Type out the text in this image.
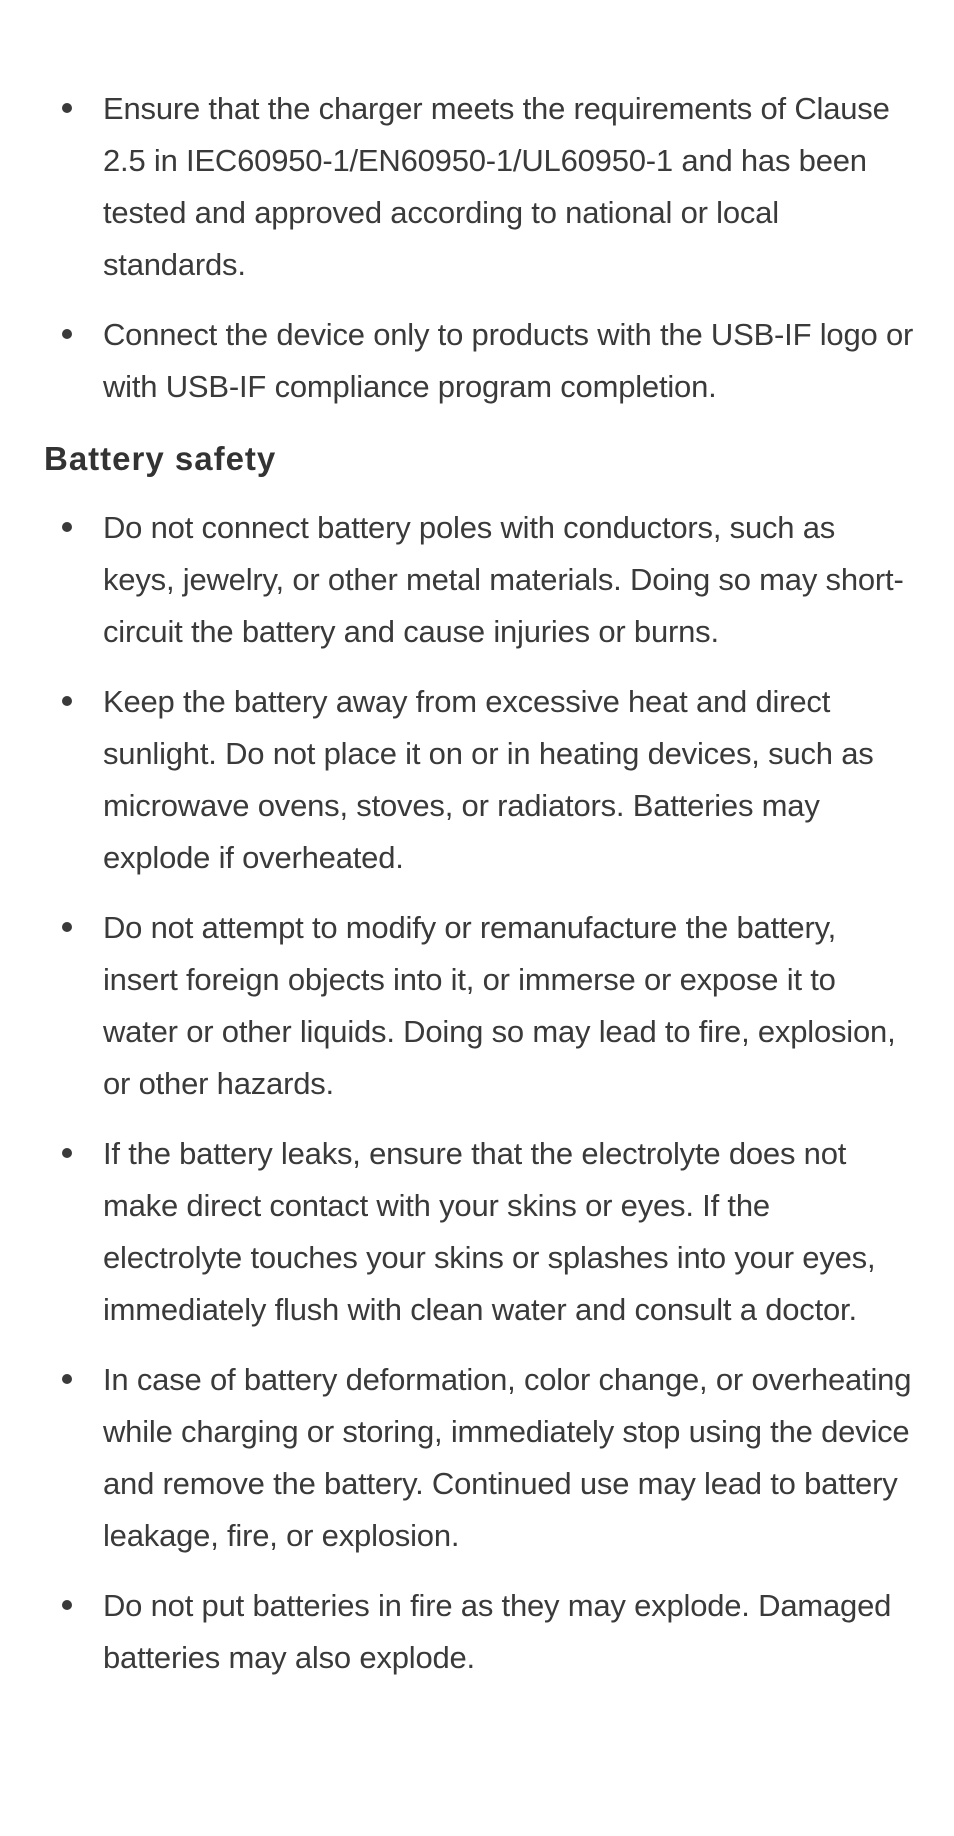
Ensure that the charger meets the requirements of Clause 2.5 in IEC60950-1/EN60950-1/UL60950-1 and has been tested and approved according to national or local standards.
Connect the device only to products with the USB-IF logo or with USB-IF compliance program completion.
Battery safety
Do not connect battery poles with conductors, such as keys, jewelry, or other metal materials. Doing so may short-circuit the battery and cause injuries or burns.
Keep the battery away from excessive heat and direct sunlight. Do not place it on or in heating devices, such as microwave ovens, stoves, or radiators. Batteries may explode if overheated.
Do not attempt to modify or remanufacture the battery, insert foreign objects into it, or immerse or expose it to water or other liquids. Doing so may lead to fire, explosion, or other hazards.
If the battery leaks, ensure that the electrolyte does not make direct contact with your skins or eyes. If the electrolyte touches your skins or splashes into your eyes, immediately flush with clean water and consult a doctor.
In case of battery deformation, color change, or overheating while charging or storing, immediately stop using the device and remove the battery. Continued use may lead to battery leakage, fire, or explosion.
Do not put batteries in fire as they may explode. Damaged batteries may also explode.
